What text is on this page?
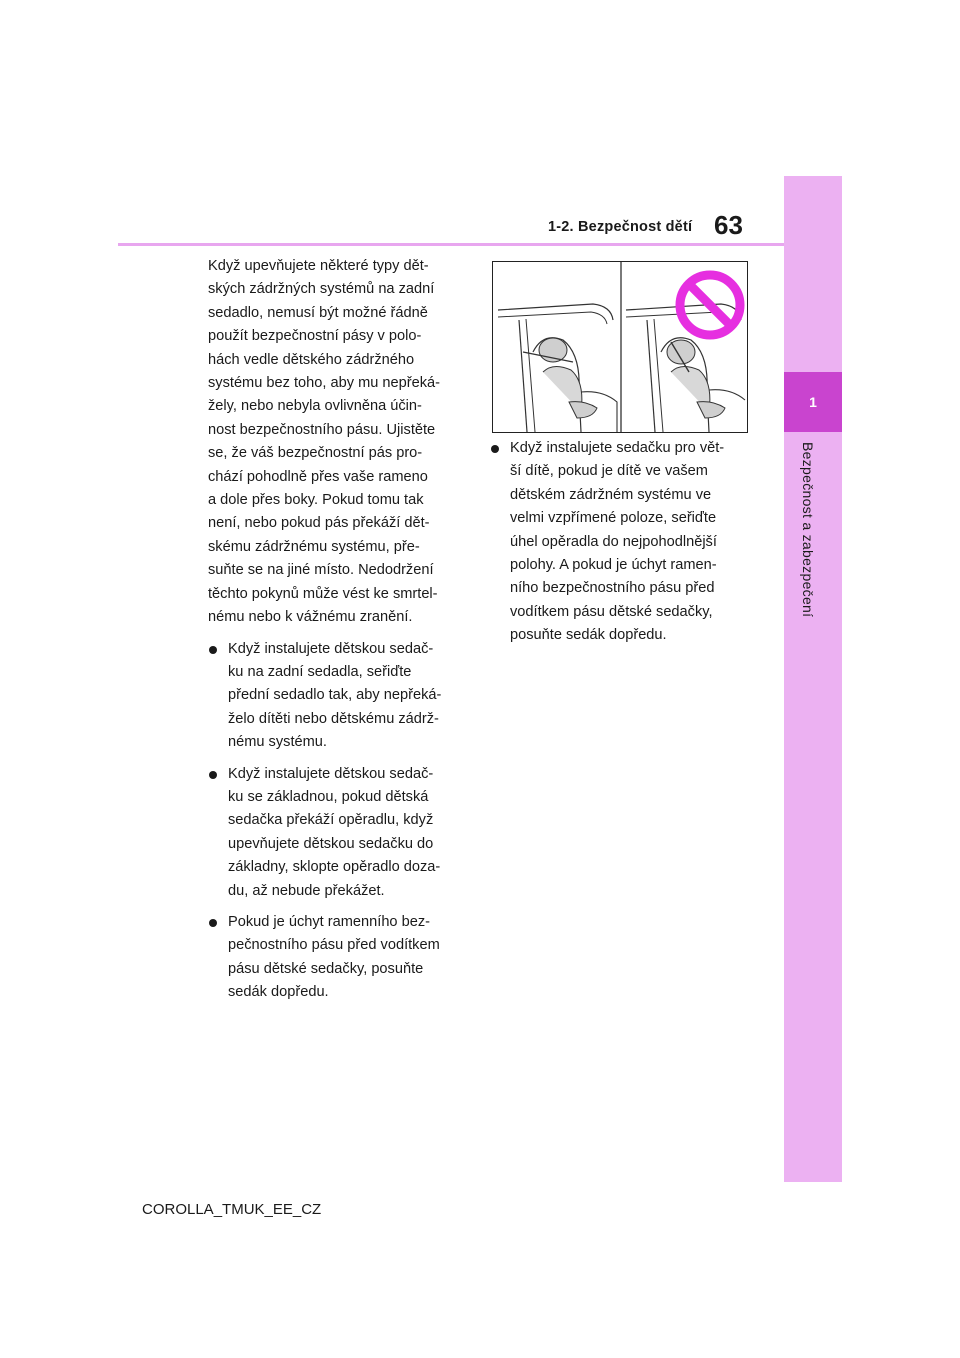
1-2. Bezpečnost dětí 63
1
Bezpečnost a zabezpečení

Když upevňujete některé typy dět-

ských zádržných systémů na zadní

sedadlo, nemusí být možné řádně

použít bezpečnostní pásy v polo-

hách vedle dětského zádržného

systému bez toho, aby mu nepřeká-

žely, nebo nebyla ovlivněna účin-

nost bezpečnostního pásu. Ujistěte

se, že váš bezpečnostní pás pro-

chází pohodlně přes vaše rameno

a dole přes boky. Pokud tomu tak

není, nebo pokud pás překáží dět-

skému zádržnému systému, pře-

suňte se na jiné místo. Nedodržení

těchto pokynů může vést ke smrtel-

nému nebo k vážnému zranění.

Když instalujete dětskou sedač-
ku na zadní sedadla, seřiďte
přední sedadlo tak, aby nepřeká-
želo dítěti nebo dětskému zádrž-
nému systému.
Když instalujete dětskou sedač-
ku se základnou, pokud dětská
sedačka překáží opěradlu, když
upevňujete dětskou sedačku do
základny, sklopte opěradlo doza-
du, až nebude překážet.
Pokud je úchyt ramenního bez-
pečnostního pásu před vodítkem
pásu dětské sedačky, posuňte
sedák dopředu.
Když instalujete sedačku pro vět-
ší dítě, pokud je dítě ve vašem
dětském zádržném systému ve
velmi vzpřímené poloze, seřiďte
úhel opěradla do nejpohodlnější
polohy. A pokud je úchyt ramen-
ního bezpečnostního pásu před
vodítkem pásu dětské sedačky,
posuňte sedák dopředu.
COROLLA_TMUK_EE_CZ
